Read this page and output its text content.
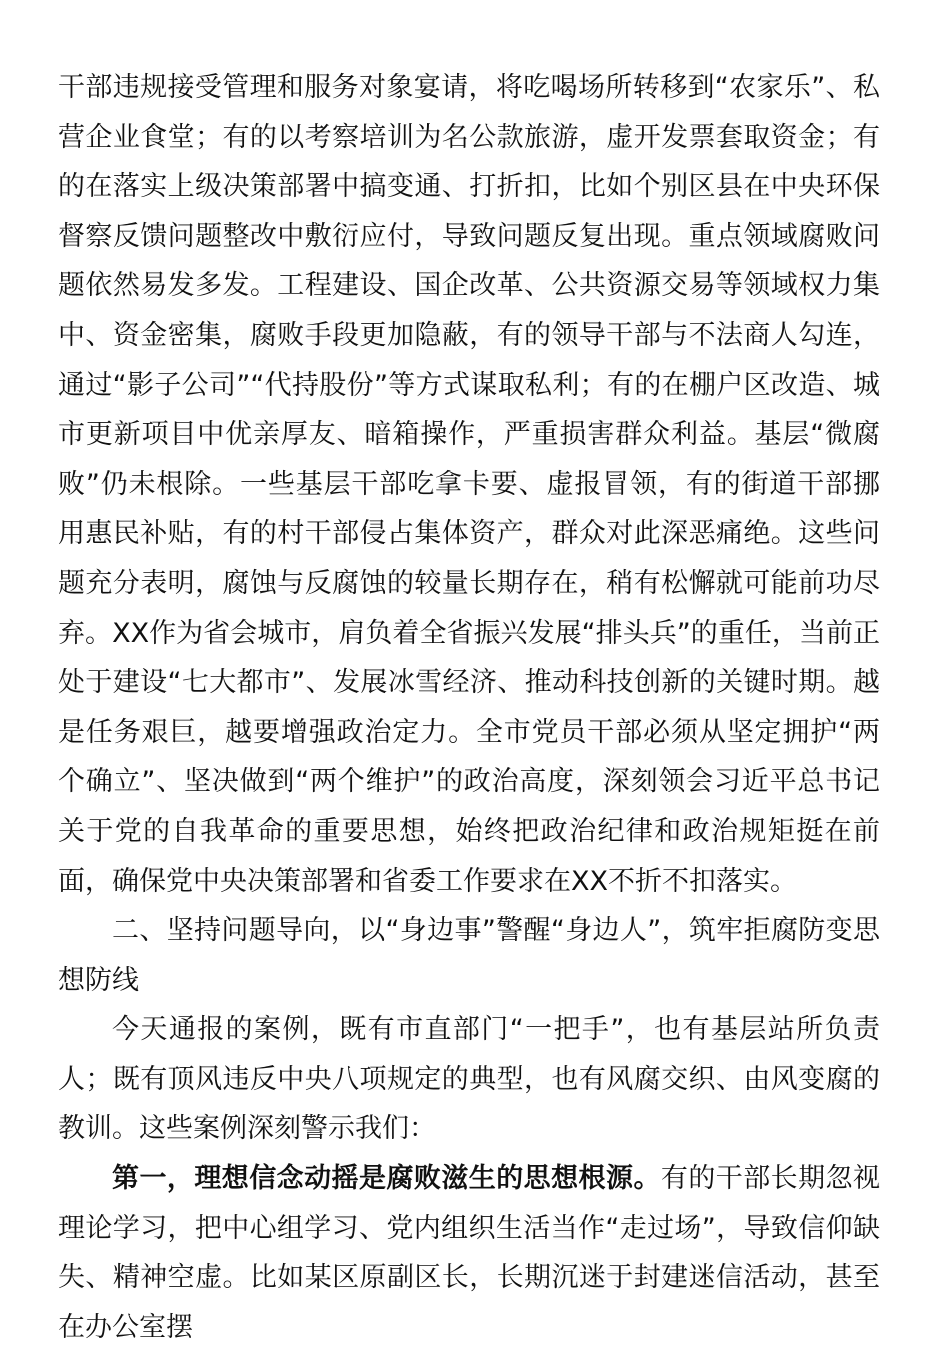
干部违规接受管理和服务对象宴请，将吃喝场所转移到“农家乐”、私营企业食堂；有的以考察培训为名公款旅游，虚开发票套取资金；有的在落实上级决策部署中搞变通、打折扣，比如个别区县在中央环保督察反馈问题整改中敷衍应付，导致问题反复出现。重点领域腐败问题依然易发多发。工程建设、国企改革、公共资源交易等领域权力集中、资金密集，腐败手段更加隐蔽，有的领导干部与不法商人勾连，通过“影子公司”“代持股份”等方式谋取私利；有的在棚户区改造、城市更新项目中优亲厚友、暗箱操作，严重损害群众利益。基层“微腐败”仍未根除。一些基层干部吃拿卡要、虚报冒领，有的街道干部挪用惠民补贴，有的村干部侵占集体资产，群众对此深恶痛绝。这些问题充分表明，腐蚀与反腐蚀的较量长期存在，稍有松懈就可能前功尽弃。XX作为省会城市，肩负着全省振兴发展“排头兵”的重任，当前正处于建设“七大都市”、发展冰雪经济、推动科技创新的关键时期。越是任务艰巨，越要增强政治定力。全市党员干部必须从坚定拥护“两个确立”、坚决做到“两个维护”的政治高度，深刻领会习近平总书记关于党的自我革命的重要思想，始终把政治纪律和政治规矩挺在前面，确保党中央决策部署和省委工作要求在XX不折不扣落实。

二、坚持问题导向，以“身边事”警醒“身边人”，筑牢拒腐防变思想防线

今天通报的案例，既有市直部门“一把手”，也有基层站所负责人；既有顶风违反中央八项规定的典型，也有风腐交织、由风变腐的教训。这些案例深刻警示我们：

第一，理想信念动摇是腐败滋生的思想根源。有的干部长期忽视理论学习，把中心组学习、党内组织生活当作“走过场”，导致信仰缺失、精神空虚。比如某区原副区长，长期沉迷于封建迷信活动，甚至在办公室摆
